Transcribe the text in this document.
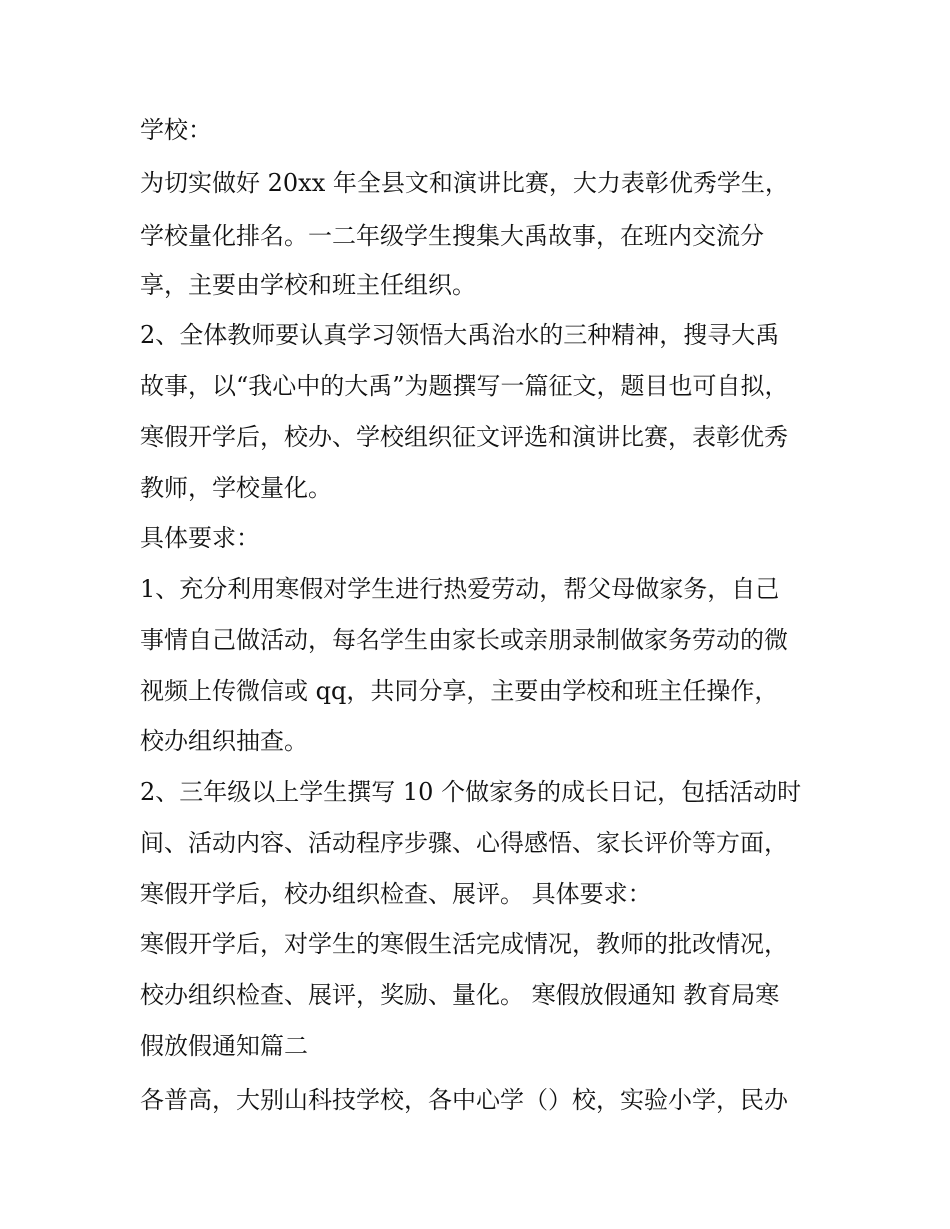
学校：
为切实做好 20xx 年全县文和演讲比赛，大力表彰优秀学生，
学校量化排名。一二年级学生搜集大禹故事，在班内交流分
享，主要由学校和班主任组织。
2、全体教师要认真学习领悟大禹治水的三种精神，搜寻大禹
故事，以“我心中的大禹”为题撰写一篇征文，题目也可自拟，
寒假开学后，校办、学校组织征文评选和演讲比赛，表彰优秀
教师，学校量化。
具体要求：
1、充分利用寒假对学生进行热爱劳动，帮父母做家务，自己
事情自己做活动，每名学生由家长或亲朋录制做家务劳动的微
视频上传微信或 qq，共同分享，主要由学校和班主任操作，
校办组织抽查。
2、三年级以上学生撰写 10 个做家务的成长日记，包括活动时
间、活动内容、活动程序步骤、心得感悟、家长评价等方面，
寒假开学后，校办组织检查、展评。 具体要求：
寒假开学后，对学生的寒假生活完成情况，教师的批改情况，
校办组织检查、展评，奖励、量化。 寒假放假通知 教育局寒
假放假通知篇二
各普高，大别山科技学校，各中心学（）校，实验小学，民办
